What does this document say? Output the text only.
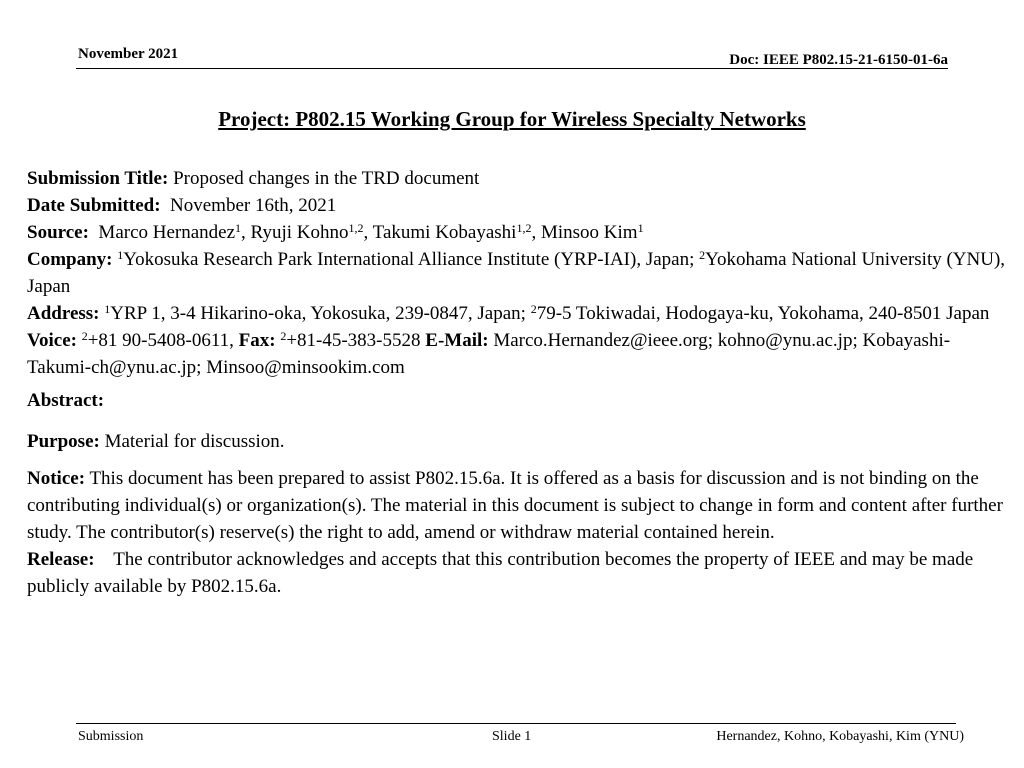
November 2021	Doc: IEEE P802.15-21-6150-01-6a
Project: P802.15 Working Group for Wireless Specialty Networks

Submission Title: Proposed changes in the TRD document

Date Submitted: November 16th, 2021

Source: Marco Hernandez$^1$, Ryuji Kohno$^{1,2}$, Takumi Kobayashi$^{1,2}$, Minsoo Kim$^1$

Company: $^1$Yokosuka Research Park International Alliance Institute (YRP-IAI), Japan; $^2$Yokohama National University (YNU), Japan

Address: $^1$YRP 1, 3-4 Hikarino-oka, Yokosuka, 239-0847, Japan; $^2$79-5 Tokiwadai, Hodogaya-ku, Yokohama, 240-8501 Japan

Voice: $^2$+81 90-5408-0611, Fax: $^2$+81-45-383-5528 E-Mail: Marco.Hernandez@ieee.org; kohno@ynu.ac.jp; Kobayashi-Takumi-ch@ynu.ac.jp; Minsoo@minsookim.com

Abstract:

Purpose: Material for discussion.

Notice: This document has been prepared to assist P802.15.6a. It is offered as a basis for discussion and is not binding on the contributing individual(s) or organization(s). The material in this document is subject to change in form and content after further study. The contributor(s) reserve(s) the right to add, amend or withdraw material contained herein.

Release: The contributor acknowledges and accepts that this contribution becomes the property of IEEE and may be made publicly available by P802.15.6a.

Submission	Slide 1	Hernandez, Kohno, Kobayashi, Kim (YNU)
